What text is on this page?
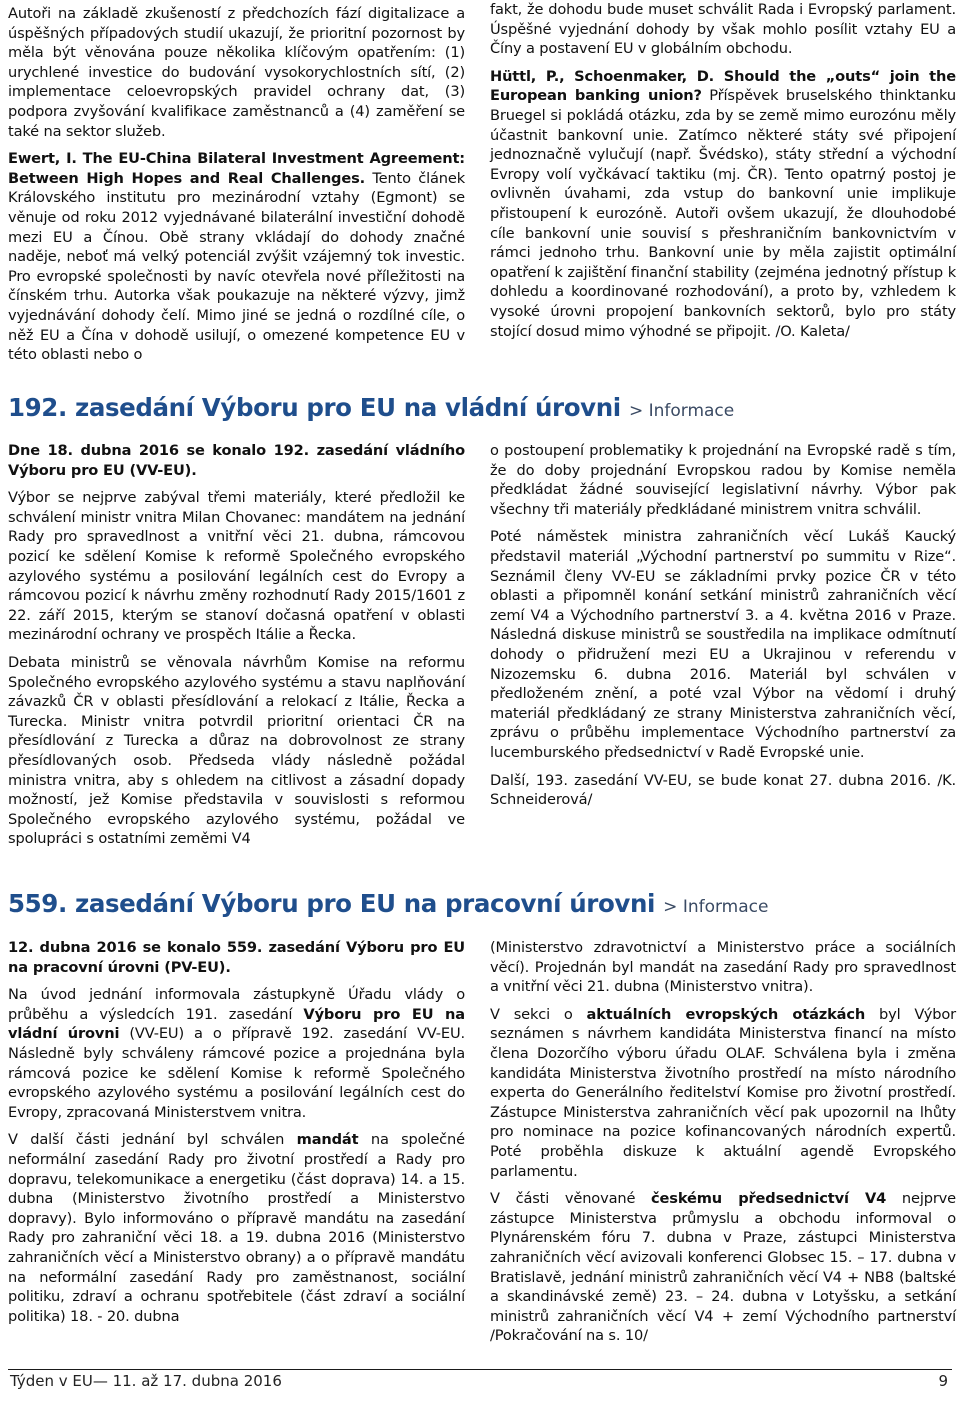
Autoři na základě zkušeností z předchozích fází digitalizace a úspěšných případových studií ukazují, že prioritní pozornost by měla být věnována pouze několika klíčovým opatřením: (1) urychlené investice do budování vysokorychlostních sítí, (2) implementace celoevropských pravidel ochrany dat, (3) podpora zvyšování kvalifikace zaměstnanců a (4) zaměření se také na sektor služeb.

Ewert, I. The EU-China Bilateral Investment Agreement: Between High Hopes and Real Challenges. Tento článek Královského institutu pro mezinárodní vztahy (Egmont) se věnuje od roku 2012 vyjednávané bilaterální investiční dohodě mezi EU a Čínou. Obě strany vkládají do dohody značné naděje, neboť má velký potenciál zvýšit vzájemný tok investic. Pro evropské společnosti by navíc otevřela nové příležitosti na čínském trhu. Autorka však poukazuje na některé výzvy, jimž vyjednávání dohody čelí. Mimo jiné se jedná o rozdílné cíle, o něž EU a Čína v dohodě usilují, o omezené kompetence EU v této oblasti nebo o

fakt, že dohodu bude muset schválit Rada i Evropský parlament. Úspěšné vyjednání dohody by však mohlo posílit vztahy EU a Číny a postavení EU v globálním obchodu.

Hüttl, P., Schoenmaker, D. Should the „outs“ join the European banking union? Příspěvek bruselského thinktanku Bruegel si pokládá otázku, zda by se země mimo eurozónu měly účastnit bankovní unie. Zatímco některé státy své připojení jednoznačně vylučují (např. Švédsko), státy střední a východní Evropy volí vyčkávací taktiku (mj. ČR). Tento opatrný postoj je ovlivněn úvahami, zda vstup do bankovní unie implikuje přistoupení k eurozóně. Autoři ovšem ukazují, že dlouhodobé cíle bankovní unie souvisí s přeshraničním bankovnictvím v rámci jednoho trhu. Bankovní unie by měla zajistit optimální opatření k zajištění finanční stability (zejména jednotný přístup k dohledu a koordinované rozhodování), a proto by, vzhledem k vysoké úrovni propojení bankovních sektorů, bylo pro státy stojící dosud mimo výhodné se připojit. /O. Kaleta/

192. zasedání Výboru pro EU na vládní úrovni > Informace

Dne 18. dubna 2016 se konalo 192. zasedání vládního Výboru pro EU (VV-EU).

Výbor se nejprve zabýval třemi materiály, které předložil ke schválení ministr vnitra Milan Chovanec: mandátem na jednání Rady pro spravedlnost a vnitřní věci 21. dubna, rámcovou pozicí ke sdělení Komise k reformě Společného evropského azylového systému a posilování legálních cest do Evropy a rámcovou pozicí k návrhu změny rozhodnutí Rady 2015/1601 z 22. září 2015, kterým se stanoví dočasná opatření v oblasti mezinárodní ochrany ve prospěch Itálie a Řecka.

Debata ministrů se věnovala návrhům Komise na reformu Společného evropského azylového systému a stavu naplňování závazků ČR v oblasti přesídlování a relokací z Itálie, Řecka a Turecka. Ministr vnitra potvrdil prioritní orientaci ČR na přesídlování z Turecka a důraz na dobrovolnost ze strany přesídlovaných osob. Předseda vlády následně požádal ministra vnitra, aby s ohledem na citlivost a zásadní dopady možností, jež Komise představila v souvislosti s reformou Společného evropského azylového systému, požádal ve spolupráci s ostatními zeměmi V4

o postoupení problematiky k projednání na Evropské radě s tím, že do doby projednání Evropskou radou by Komise neměla předkládat žádné související legislativní návrhy. Výbor pak všechny tři materiály předkládané ministrem vnitra schválil.

Poté náměstek ministra zahraničních věcí Lukáš Kaucký představil materiál „Východní partnerství po summitu v Rize“. Seznámil členy VV-EU se základními prvky pozice ČR v této oblasti a připomněl konání setkání ministrů zahraničních věcí zemí V4 a Východního partnerství 3. a 4. května 2016 v Praze. Následná diskuse ministrů se soustředila na implikace odmítnutí dohody o přidružení mezi EU a Ukrajinou v referendu v Nizozemsku 6. dubna 2016. Materiál byl schválen v předloženém znění, a poté vzal Výbor na vědomí i druhý materiál předkládaný ze strany Ministerstva zahraničních věcí, zprávu o průběhu implementace Východního partnerství za lucemburského předsednictví v Radě Evropské unie.

Další, 193. zasedání VV-EU, se bude konat 27. dubna 2016. /K. Schneiderová/

559. zasedání Výboru pro EU na pracovní úrovni > Informace

12. dubna 2016 se konalo 559. zasedání Výboru pro EU na pracovní úrovni (PV-EU).

Na úvod jednání informovala zástupkyně Úřadu vlády o průběhu a výsledcích 191. zasedání Výboru pro EU na vládní úrovni (VV-EU) a o přípravě 192. zasedání VV-EU. Následně byly schváleny rámcové pozice a projednána byla rámcová pozice ke sdělení Komise k reformě Společného evropského azylového systému a posilování legálních cest do Evropy, zpracovaná Ministerstvem vnitra.

V další části jednání byl schválen mandát na společné neformální zasedání Rady pro životní prostředí a Rady pro dopravu, telekomunikace a energetiku (část doprava) 14. a 15. dubna (Ministerstvo životního prostředí a Ministerstvo dopravy). Bylo informováno o přípravě mandátu na zasedání Rady pro zahraniční věci 18. a 19. dubna 2016 (Ministerstvo zahraničních věcí a Ministerstvo obrany) a o přípravě mandátu na neformální zasedání Rady pro zaměstnanost, sociální politiku, zdraví a ochranu spotřebitele (část zdraví a sociální politika) 18. - 20. dubna

(Ministerstvo zdravotnictví a Ministerstvo práce a sociálních věcí). Projednán byl mandát na zasedání Rady pro spravedlnost a vnitřní věci 21. dubna (Ministerstvo vnitra).

V sekci o aktuálních evropských otázkách byl Výbor seznámen s návrhem kandidáta Ministerstva financí na místo člena Dozorčího výboru úřadu OLAF. Schválena byla i změna kandidáta Ministerstva životního prostředí na místo národního experta do Generálního ředitelství Komise pro životní prostředí. Zástupce Ministerstva zahraničních věcí pak upozornil na lhůty pro nominace na pozice kofinancovaných národních expertů. Poté proběhla diskuze k aktuální agendě Evropského parlamentu.

V části věnované českému předsednictví V4 nejprve zástupce Ministerstva průmyslu a obchodu informoval o Plynárenském fóru 7. dubna v Praze, zástupci Ministerstva zahraničních věcí avizovali konferenci Globsec 15. – 17. dubna v Bratislavě, jednání ministrů zahraničních věcí V4 + NB8 (baltské a skandinávské země) 23. – 24. dubna v Lotyšsku, a setkání ministrů zahraničních věcí V4 + zemí Východního partnerství /Pokračování na s. 10/

Týden v EU— 11. až 17. dubna 2016	9
